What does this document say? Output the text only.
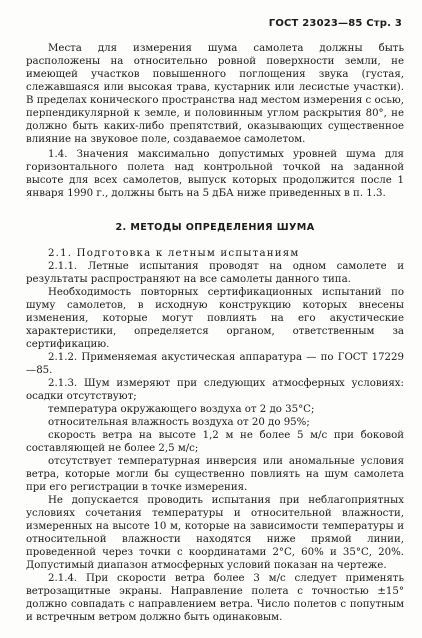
ГОСТ 23023—85 Стр. 3

Места для измерения шума самолета должны быть расположены на относительно ровной поверхности земли, не имеющей участков повышенного поглощения звука (густая, слежавшаяся или высокая трава, кустарник или лесистые участки). В пределах конического пространства над местом измерения с осью, перпендикулярной к земле, и половинным углом раскрытия 80°, не должно быть каких-либо препятствий, оказывающих существенное влияние на звуковое поле, создаваемое самолетом.

1.4. Значения максимально допустимых уровней шума для горизонтального полета над контрольной точкой на заданной высоте для всех самолетов, выпуск которых продолжится после 1 января 1990 г., должны быть на 5 дБА ниже приведенных в п. 1.3.

2. МЕТОДЫ ОПРЕДЕЛЕНИЯ ШУМА

2.1. Подготовка к летным испытаниям

2.1.1. Летные испытания проводят на одном самолете и результаты распространяют на все самолеты данного типа.

Необходимость повторных сертификационных испытаний по шуму самолетов, в исходную конструкцию которых внесены изменения, которые могут повлиять на его акустические характеристики, определяется органом, ответственным за сертификацию.

2.1.2. Применяемая акустическая аппаратура — по ГОСТ 17229—85.

2.1.3. Шум измеряют при следующих атмосферных условиях: осадки отсутствуют;

температура окружающего воздуха от 2 до 35°С;

относительная влажность воздуха от 20 до 95%;

скорость ветра на высоте 1,2 м не более 5 м/с при боковой составляющей не более 2,5 м/с;

отсутствует температурная инверсия или аномальные условия ветра, которые могли бы существенно повлиять на шум самолета при его регистрации в точке измерения.

Не допускается проводить испытания при неблагоприятных условиях сочетания температуры и относительной влажности, измеренных на высоте 10 м, которые на зависимости температуры и относительной влажности находятся ниже прямой линии, проведенной через точки с координатами 2°С, 60% и 35°С, 20%. Допустимый диапазон атмосферных условий показан на чертеже.

2.1.4. При скорости ветра более 3 м/с следует применять ветрозащитные экраны. Направление полета с точностью ±15° должно совпадать с направлением ветра. Число полетов с попутным и встречным ветром должно быть одинаковым.
